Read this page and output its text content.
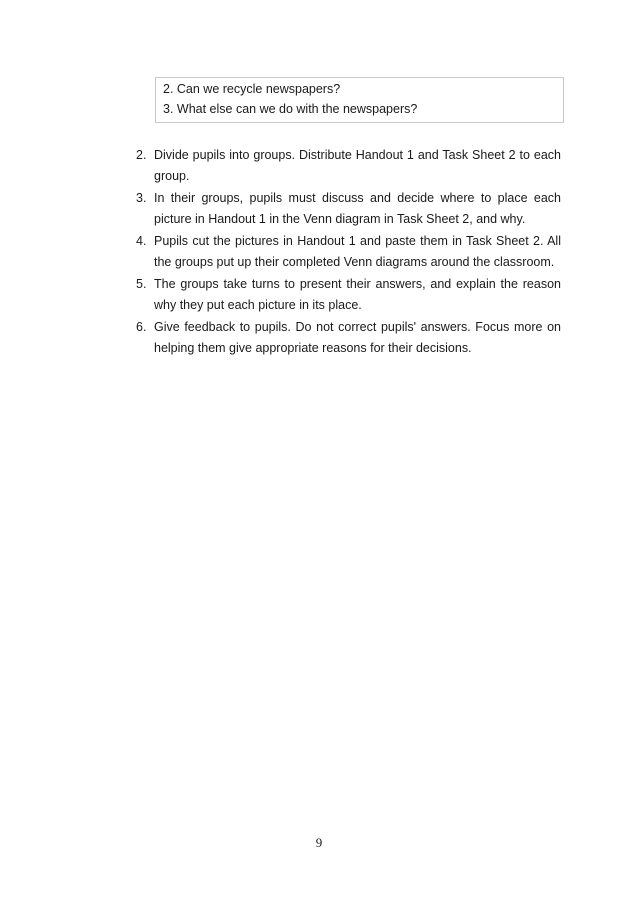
2. Can we recycle newspapers?
3. What else can we do with the newspapers?
2. Divide pupils into groups. Distribute Handout 1 and Task Sheet 2 to each group.
3. In their groups, pupils must discuss and decide where to place each picture in Handout 1 in the Venn diagram in Task Sheet 2, and why.
4. Pupils cut the pictures in Handout 1 and paste them in Task Sheet 2. All the groups put up their completed Venn diagrams around the classroom.
5. The groups take turns to present their answers, and explain the reason why they put each picture in its place.
6. Give feedback to pupils. Do not correct pupils' answers. Focus more on helping them give appropriate reasons for their decisions.
9
